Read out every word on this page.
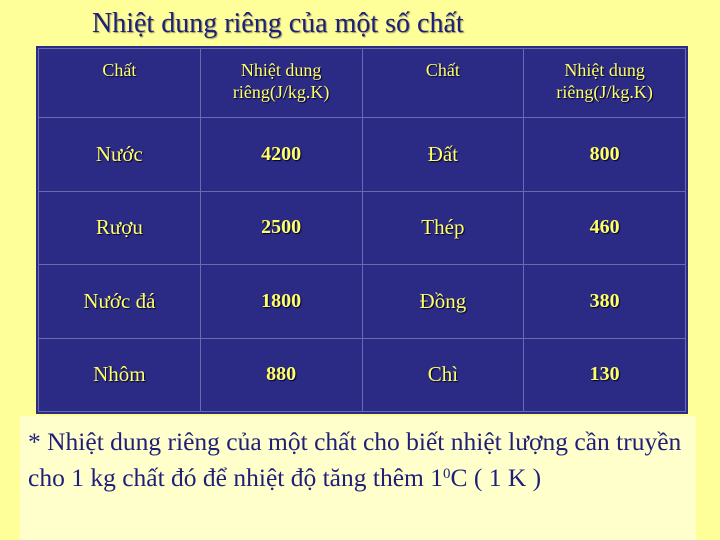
Nhiệt dung riêng của một số chất
Chất	Nhiệt dung riêng(J/kg.K)	Chất	Nhiệt dung riêng(J/kg.K)
Nước	4200	Đất	800
Rượu	2500	Thép	460
Nước đá	1800	Đồng	380
Nhôm	880	Chì	130
* Nhiệt dung riêng của một chất cho biết nhiệt lượng cần truyền cho 1 kg chất đó để nhiệt độ tăng thêm $1^0C$ ( 1 K )
